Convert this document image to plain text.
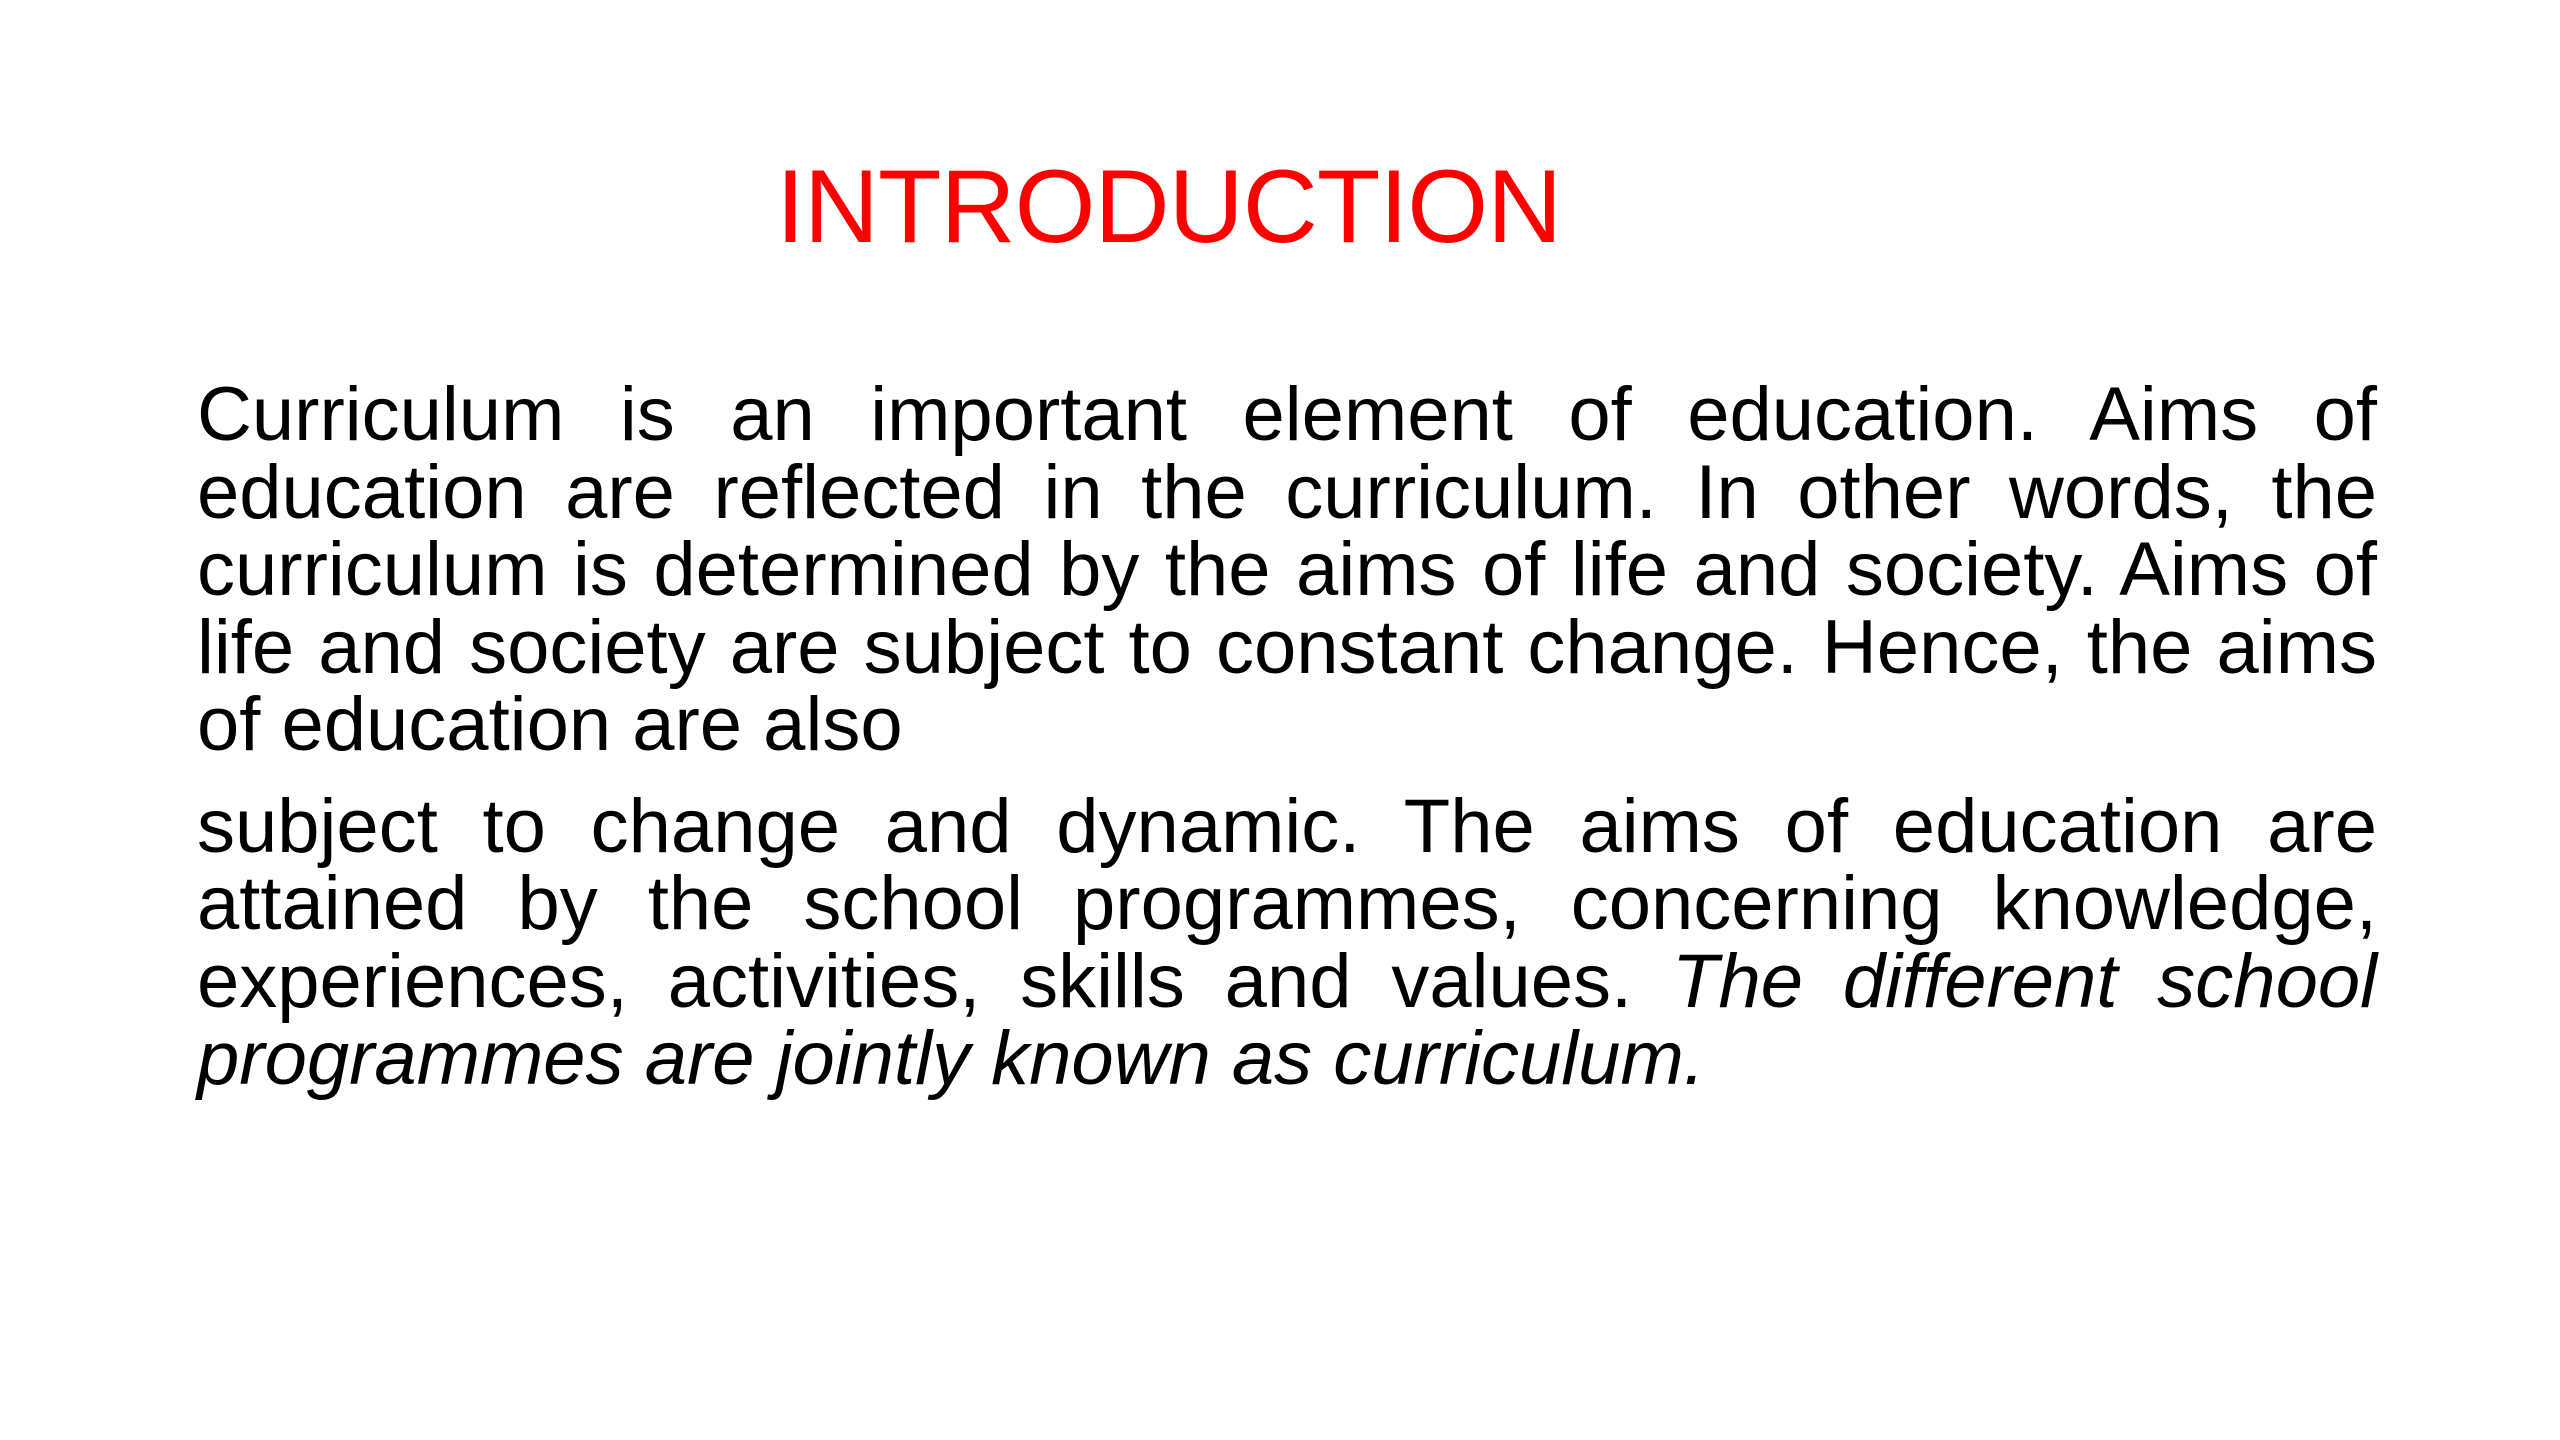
INTRODUCTION

Curriculum is an important element of education. Aims of education are reflected in the curriculum. In other words, the curriculum is determined by the aims of life and society. Aims of life and society are subject to constant change. Hence, the aims of education are also

subject to change and dynamic. The aims of education are attained by the school programmes, concerning knowledge, experiences, activities, skills and values. The different school programmes are jointly known as curriculum.
